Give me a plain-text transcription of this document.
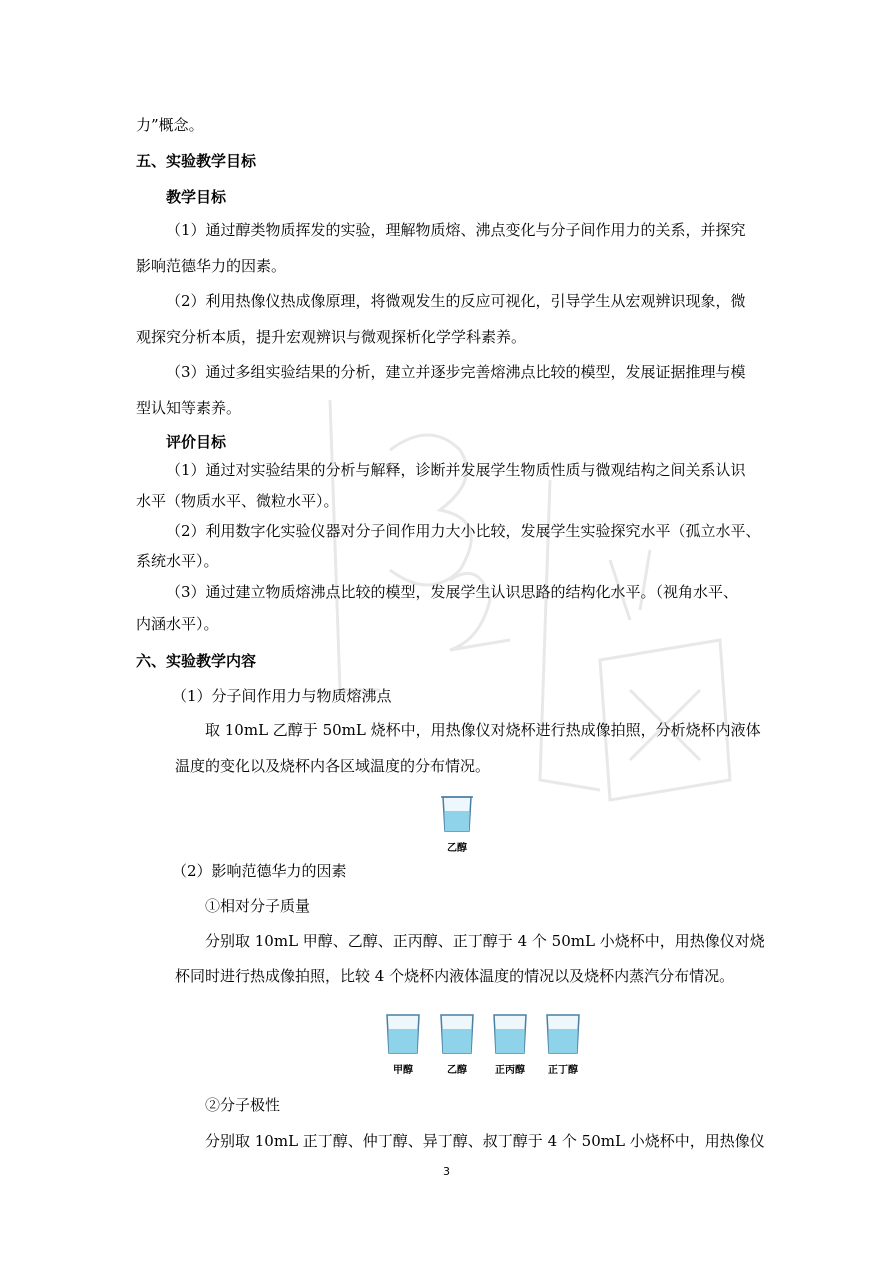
力”概念。
五、实验教学目标
教学目标
（1）通过醇类物质挥发的实验，理解物质熔、沸点变化与分子间作用力的关系，并探究
影响范德华力的因素。
（2）利用热像仪热成像原理，将微观发生的反应可视化，引导学生从宏观辨识现象，微
观探究分析本质，提升宏观辨识与微观探析化学学科素养。
（3）通过多组实验结果的分析，建立并逐步完善熔沸点比较的模型，发展证据推理与模
型认知等素养。
评价目标
（1）通过对实验结果的分析与解释，诊断并发展学生物质性质与微观结构之间关系认识
水平（物质水平、微粒水平）。
（2）利用数字化实验仪器对分子间作用力大小比较，发展学生实验探究水平（孤立水平、
系统水平）。
（3）通过建立物质熔沸点比较的模型，发展学生认识思路的结构化水平。（视角水平、
内涵水平）。
六、实验教学内容
（1）分子间作用力与物质熔沸点
取 10mL 乙醇于 50mL 烧杯中，用热像仪对烧杯进行热成像拍照，分析烧杯内液体
温度的变化以及烧杯内各区域温度的分布情况。
乙醇
（2）影响范德华力的因素
①相对分子质量
分别取 10mL 甲醇、乙醇、正丙醇、正丁醇于 4 个 50mL 小烧杯中，用热像仪对烧
杯同时进行热成像拍照，比较 4 个烧杯内液体温度的情况以及烧杯内蒸汽分布情况。
甲醇	乙醇	正丙醇	正丁醇
②分子极性
分别取 10mL 正丁醇、仲丁醇、异丁醇、叔丁醇于 4 个 50mL 小烧杯中，用热像仪
3
